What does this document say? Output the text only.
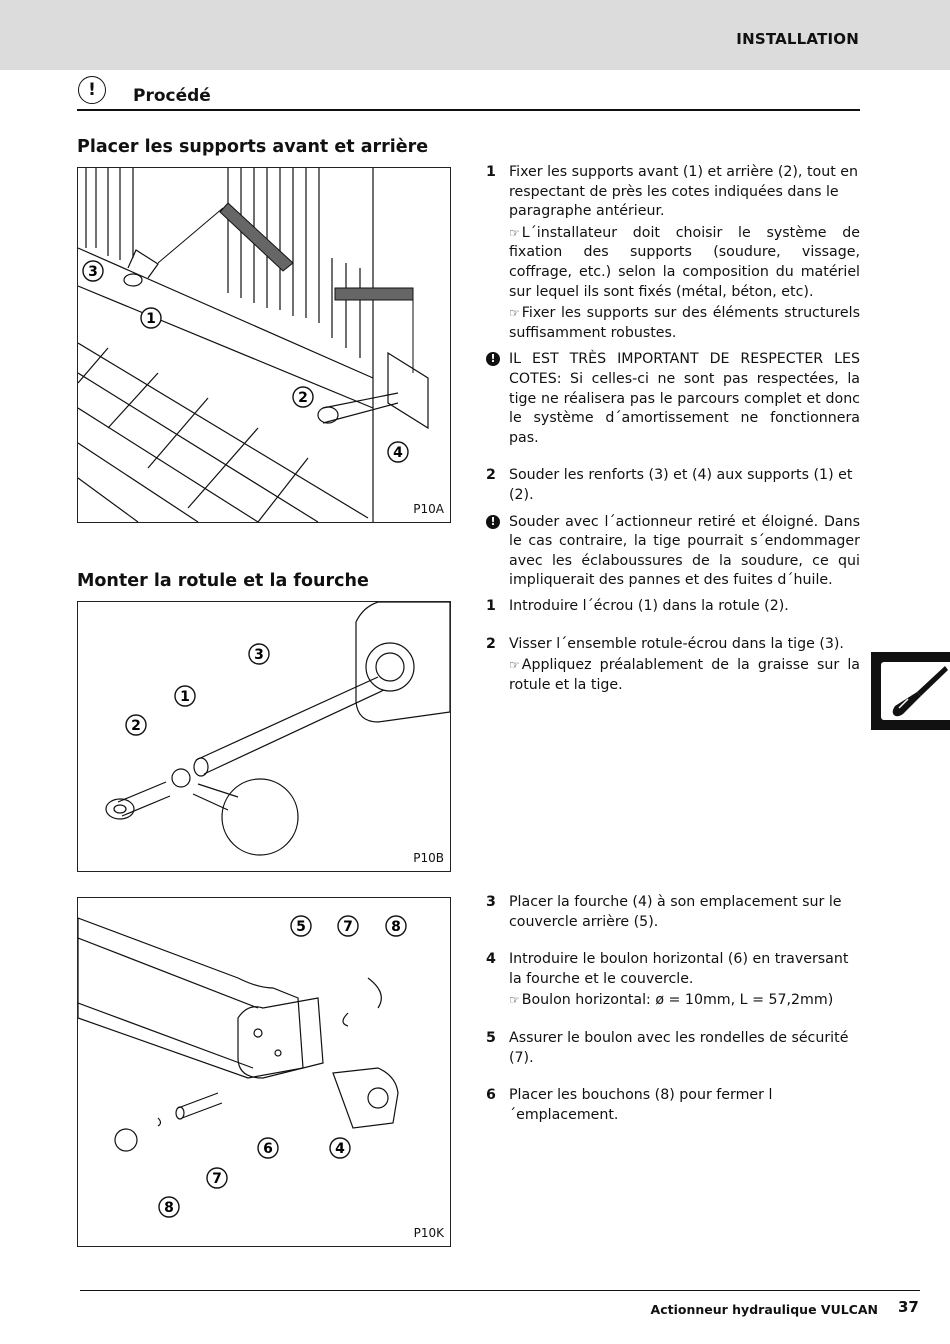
INSTALLATION
!	Procédé
Placer les supports avant et arrière
3
1
2
4
P10A
1 Fixer les supports avant (1) et arrière (2), tout en respectant de près les cotes indiquées dans le paragraphe antérieur.
☞ L´installateur doit choisir le système de fixation des supports (soudure, vissage, coffrage, etc.) selon la composition du matériel sur lequel ils sont fixés (métal, béton, etc).
☞ Fixer les supports sur des éléments structurels suffisamment robustes.
! IL EST TRÈS IMPORTANT DE RESPECTER LES COTES: Si celles-ci ne sont pas respectées, la tige ne réalisera pas le parcours complet et donc le système d´amortissement ne fonctionnera pas.
2 Souder les renforts (3) et (4) aux supports (1) et (2).
! Souder avec l´actionneur retiré et éloigné. Dans le cas contraire, la tige pourrait s´endommager avec les éclaboussures de la soudure, ce qui impliquerait des pannes et des fuites d´huile.
Monter la rotule et la fourche
3
1
2
P10B
1 Introduire l´écrou (1) dans la rotule (2).
2 Visser l´ensemble rotule-écrou dans la tige (3).
☞ Appliquez préalablement de la graisse sur la rotule et la tige.
5	7	8
6	4
7
8
P10K
3 Placer la fourche (4) à son emplacement sur le couvercle arrière (5).
4 Introduire le boulon horizontal (6) en traversant la fourche et le couvercle.
☞ Boulon horizontal: ø = 10mm, L = 57,2mm)
5 Assurer le boulon avec les rondelles de sécurité (7).
6 Placer les bouchons (8) pour fermer l´emplacement.
Actionneur hydraulique VULCAN 37
